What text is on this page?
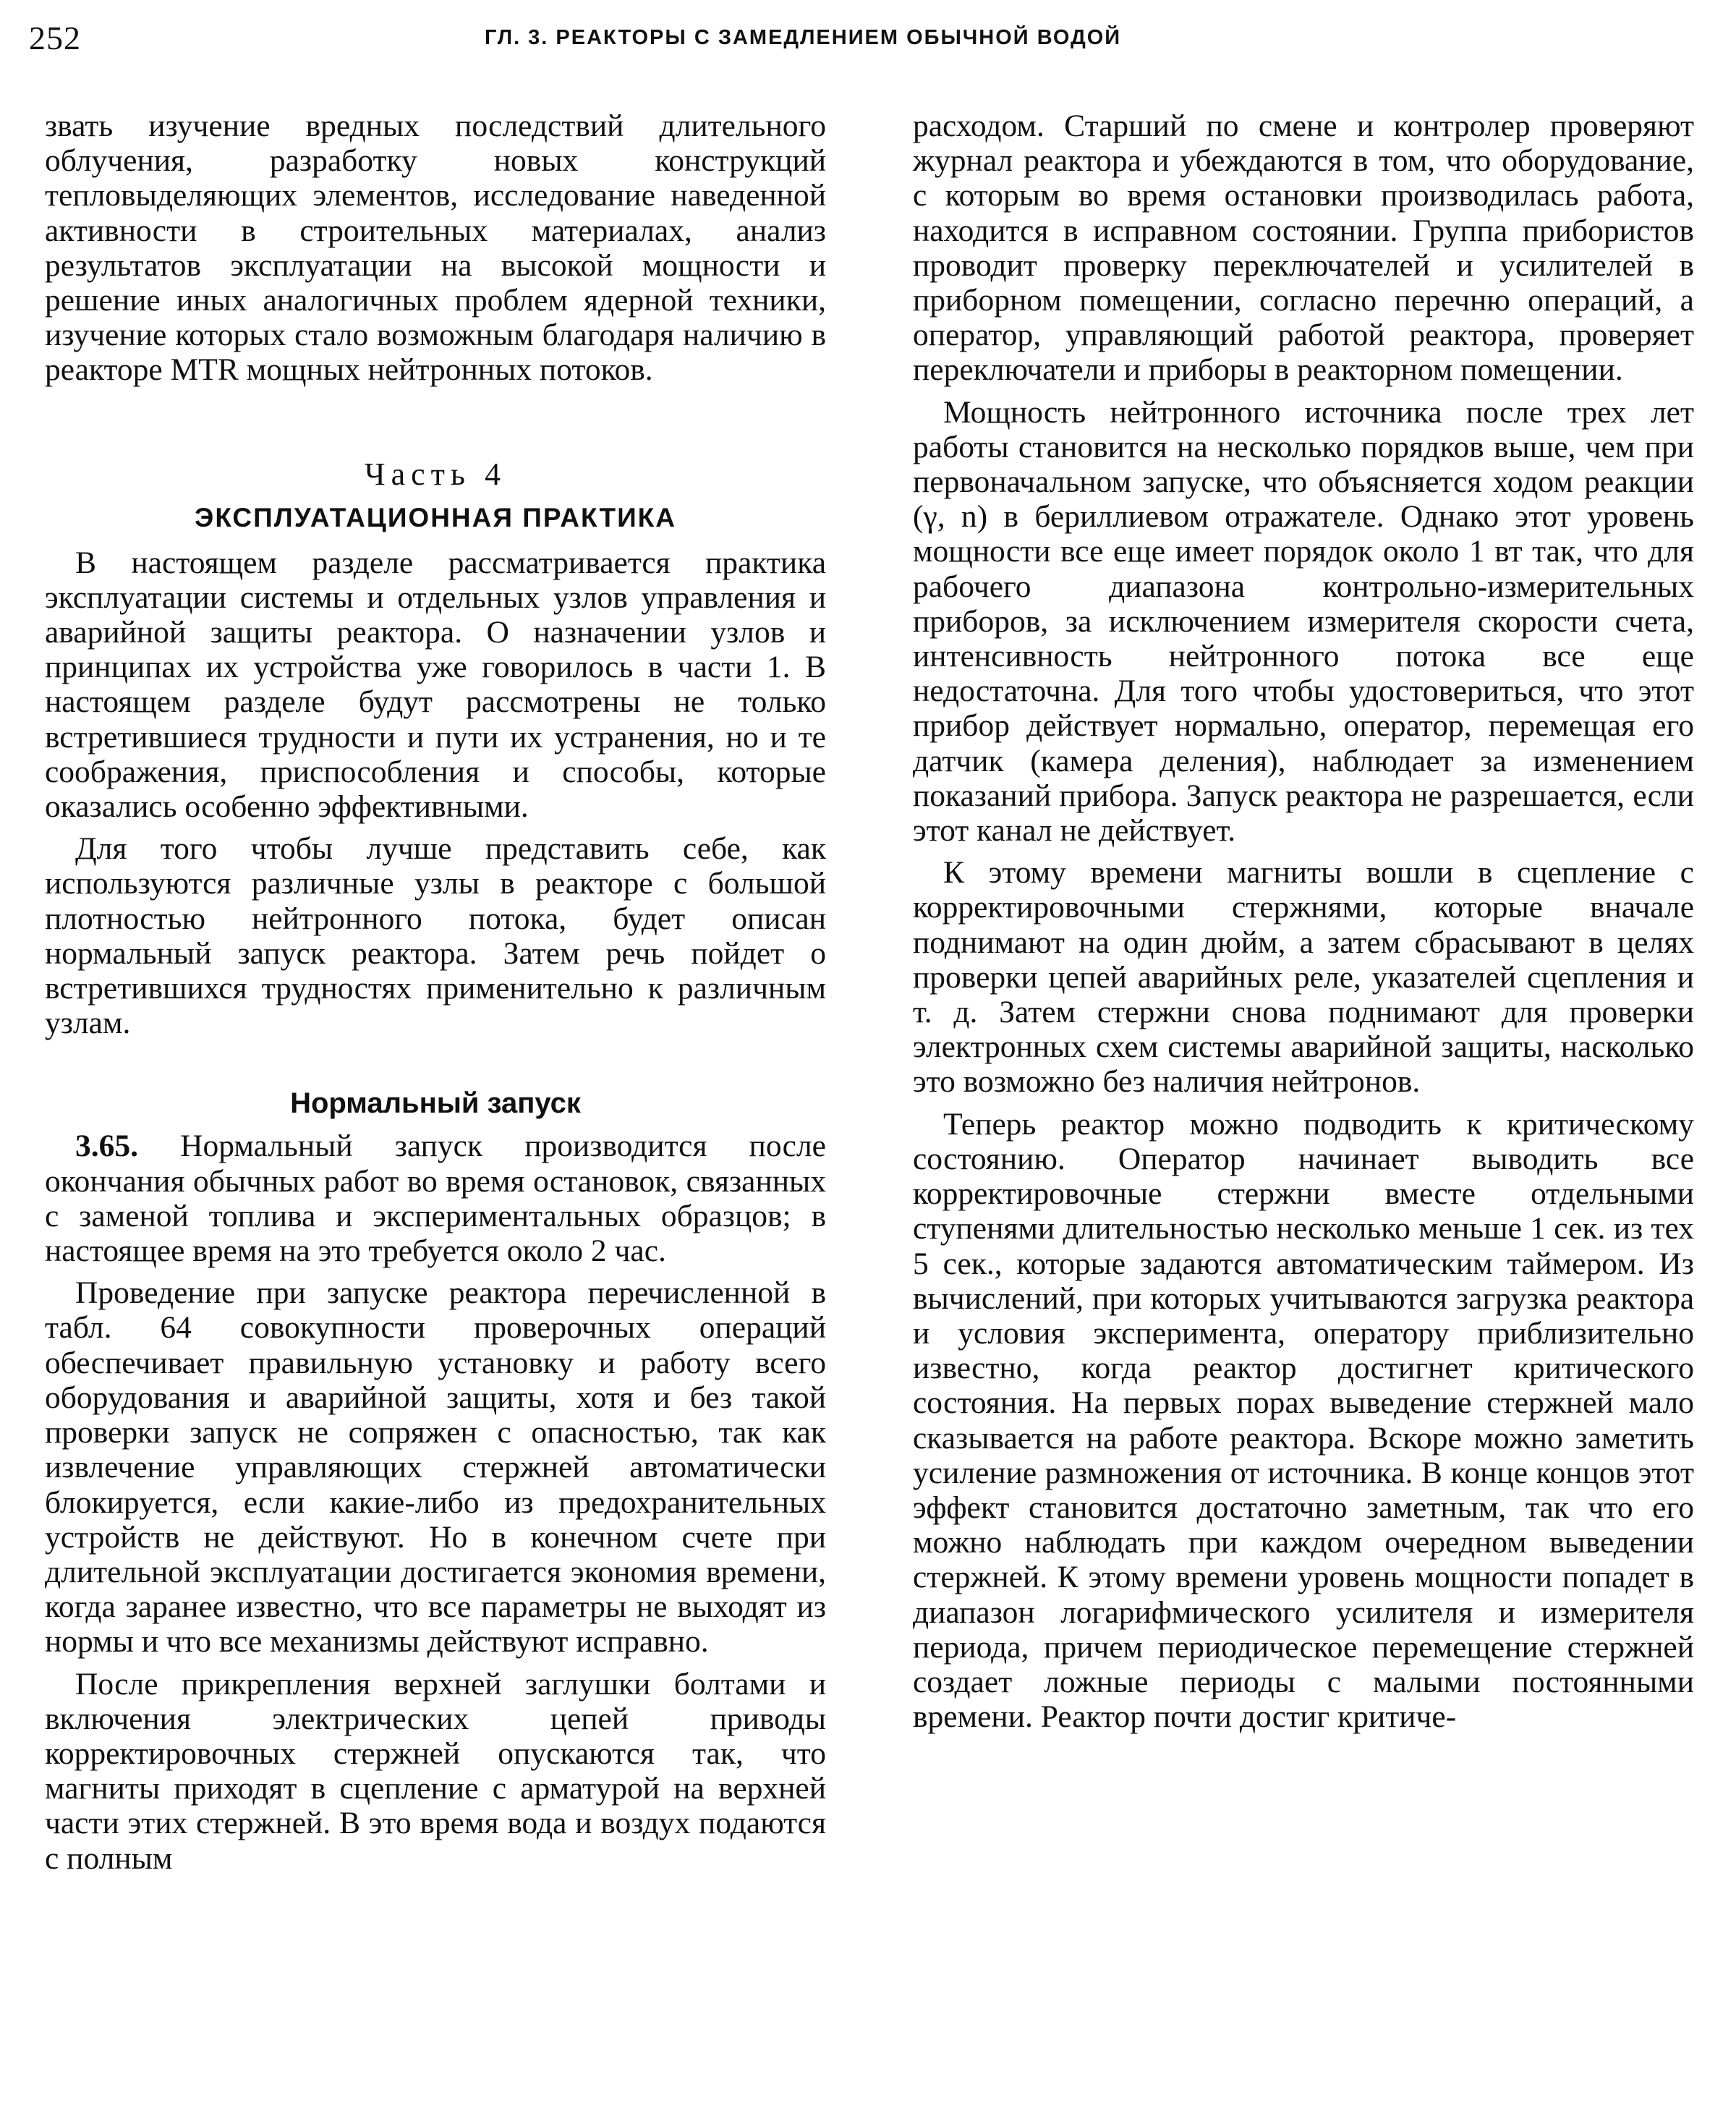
252	ГЛ. 3. РЕАКТОРЫ С ЗАМЕДЛЕНИЕМ ОБЫЧНОЙ ВОДОЙ

звать изучение вредных последствий длительного облучения, разработку новых конструкций тепловыделяющих элементов, исследование наведенной активности в строительных материалах, анализ результатов эксплуатации на высокой мощности и решение иных аналогичных проблем ядерной техники, изучение которых стало возможным благодаря наличию в реакторе MTR мощных нейтронных потоков.

Часть 4
ЭКСПЛУАТАЦИОННАЯ ПРАКТИКА

В настоящем разделе рассматривается практика эксплуатации системы и отдельных узлов управления и аварийной защиты реактора. О назначении узлов и принципах их устройства уже говорилось в части 1. В настоящем разделе будут рассмотрены не только встретившиеся трудности и пути их устранения, но и те соображения, приспособления и способы, которые оказались особенно эффективными.

Для того чтобы лучше представить себе, как используются различные узлы в реакторе с большой плотностью нейтронного потока, будет описан нормальный запуск реактора. Затем речь пойдет о встретившихся трудностях применительно к различным узлам.

Нормальный запуск

3.65. Нормальный запуск производится после окончания обычных работ во время остановок, связанных с заменой топлива и экспериментальных образцов; в настоящее время на это требуется около 2 час.

Проведение при запуске реактора перечисленной в табл. 64 совокупности проверочных операций обеспечивает правильную установку и работу всего оборудования и аварийной защиты, хотя и без такой проверки запуск не сопряжен с опасностью, так как извлечение управляющих стержней автоматически блокируется, если какие-либо из предохранительных устройств не действуют. Но в конечном счете при длительной эксплуатации достигается экономия времени, когда заранее известно, что все параметры не выходят из нормы и что все механизмы действуют исправно.

После прикрепления верхней заглушки болтами и включения электрических цепей приводы корректировочных стержней опускаются так, что магниты приходят в сцепление с арматурой на верхней части этих стержней. В это время вода и воздух подаются с полным

расходом. Старший по смене и контролер проверяют журнал реактора и убеждаются в том, что оборудование, с которым во время остановки производилась работа, находится в исправном состоянии. Группа прибористов проводит проверку переключателей и усилителей в приборном помещении, согласно перечню операций, а оператор, управляющий работой реактора, проверяет переключатели и приборы в реакторном помещении.

Мощность нейтронного источника после трех лет работы становится на несколько порядков выше, чем при первоначальном запуске, что объясняется ходом реакции (γ, n) в бериллиевом отражателе. Однако этот уровень мощности все еще имеет порядок около 1 вт так, что для рабочего диапазона контрольно-измерительных приборов, за исключением измерителя скорости счета, интенсивность нейтронного потока все еще недостаточна. Для того чтобы удостовериться, что этот прибор действует нормально, оператор, перемещая его датчик (камера деления), наблюдает за изменением показаний прибора. Запуск реактора не разрешается, если этот канал не действует.

К этому времени магниты вошли в сцепление с корректировочными стержнями, которые вначале поднимают на один дюйм, а затем сбрасывают в целях проверки цепей аварийных реле, указателей сцепления и т. д. Затем стержни снова поднимают для проверки электронных схем системы аварийной защиты, насколько это возможно без наличия нейтронов.

Теперь реактор можно подводить к критическому состоянию. Оператор начинает выводить все корректировочные стержни вместе отдельными ступенями длительностью несколько меньше 1 сек. из тех 5 сек., которые задаются автоматическим таймером. Из вычислений, при которых учитываются загрузка реактора и условия эксперимента, оператору приблизительно известно, когда реактор достигнет критического состояния. На первых порах выведение стержней мало сказывается на работе реактора. Вскоре можно заметить усиление размножения от источника. В конце концов этот эффект становится достаточно заметным, так что его можно наблюдать при каждом очередном выведении стержней. К этому времени уровень мощности попадет в диапазон логарифмического усилителя и измерителя периода, причем периодическое перемещение стержней создает ложные периоды с малыми постоянными времени. Реактор почти достиг критиче-
